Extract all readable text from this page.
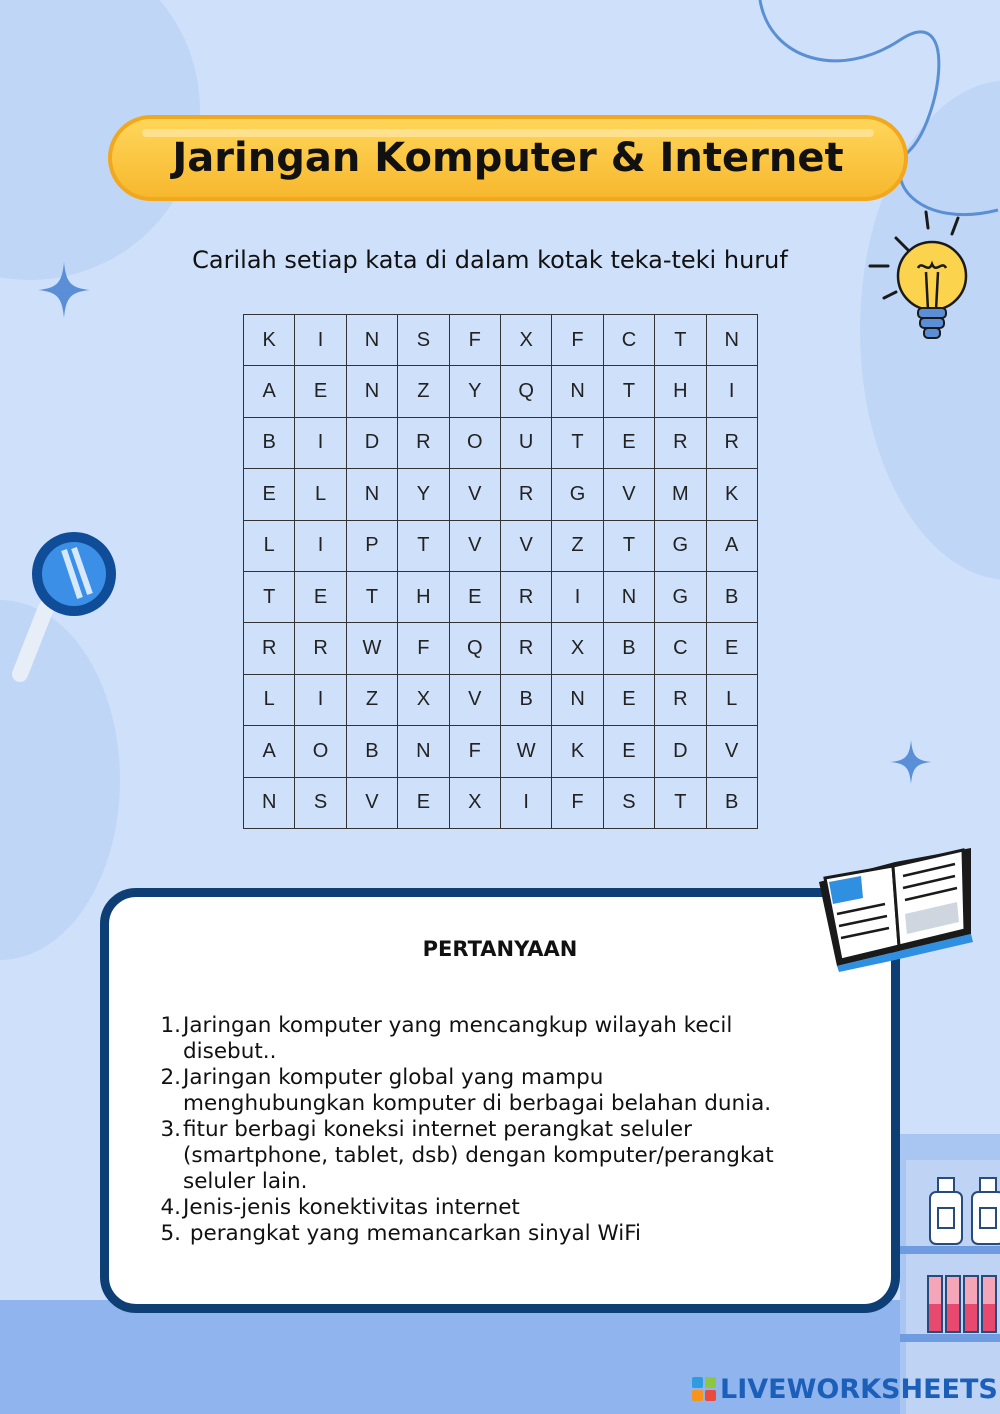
Jaringan Komputer & Internet
Carilah setiap kata di dalam kotak teka-teki huruf
K	I	N	S	F	X	F	C	T	N
A	E	N	Z	Y	Q	N	T	H	I
B	I	D	R	O	U	T	E	R	R
E	L	N	Y	V	R	G	V	M	K
L	I	P	T	V	V	Z	T	G	A
T	E	T	H	E	R	I	N	G	B
R	R	W	F	Q	R	X	B	C	E
L	I	Z	X	V	B	N	E	R	L
A	O	B	N	F	W	K	E	D	V
N	S	V	E	X	I	F	S	T	B
PERTANYAAN
1. Jaringan komputer yang mencangkup wilayah kecil
disebut..
2. Jaringan komputer global yang mampu
menghubungkan komputer di berbagai belahan dunia.
3. fitur berbagi koneksi internet perangkat seluler
(smartphone, tablet, dsb) dengan komputer/perangkat
seluler lain.
4. Jenis-jenis konektivitas internet
5. perangkat yang memancarkan sinyal WiFi
LIVEWORKSHEETS
